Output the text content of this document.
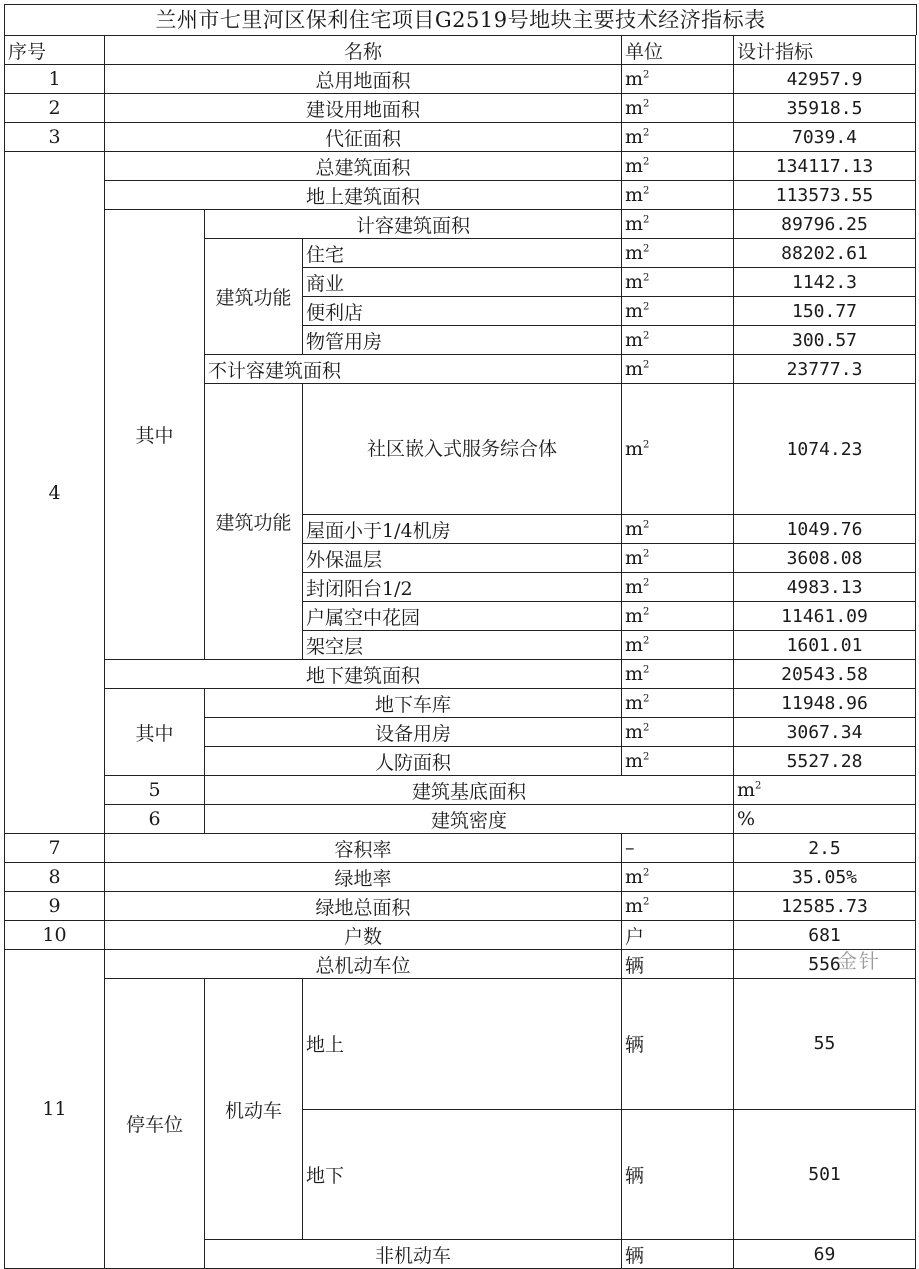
兰州市七里河区保利住宅项目G2519号地块主要技术经济指标表
序号	名称			单位	设计指标	
1	总用地面积			$m^2$	42957.9	
2	建设用地面积			$m^2$	35918.5	
3	代征面积			$m^2$	7039.4	
4	总建筑面积			$m^2$	134117.13	
	地上建筑面积			$m^2$	113573.55	
	其中	计容建筑面积		$m^2$	89796.25	
		建筑功能	住宅	$m^2$	88202.61	
			商业	$m^2$	1142.3	
			便利店	$m^2$	150.77	
			物管用房	$m^2$	300.57	
		不计容建筑面积		$m^2$	23777.3	
		建筑功能	社区嵌入式服务综合体	$m^2$	1074.23	

			屋面小于1/4机房	$m^2$	1049.76	
			外保温层	$m^2$	3608.08	
			封闭阳台1/2	$m^2$	4983.13	
			户属空中花园	$m^2$	11461.09	
			架空层	$m^2$	1601.01	
	地下建筑面积			$m^2$	20543.58	
	其中	地下车库		$m^2$	11948.96	
		设备用房		$m^2$	3067.34	
		人防面积		$m^2$	5527.28	
	5	建筑基底面积			$m^2$		
	6	建筑密度			%		
7	容积率			–	2.5	
8	绿地率			$m^2$	35.05%	
9	绿地总面积			$m^2$	12585.73	
10	户数			户	681	
11	总机动车位			辆	556	
	停车位	机动车	地上	辆	55	
			地下	辆	501	
		非机动车		辆	69	
金针
